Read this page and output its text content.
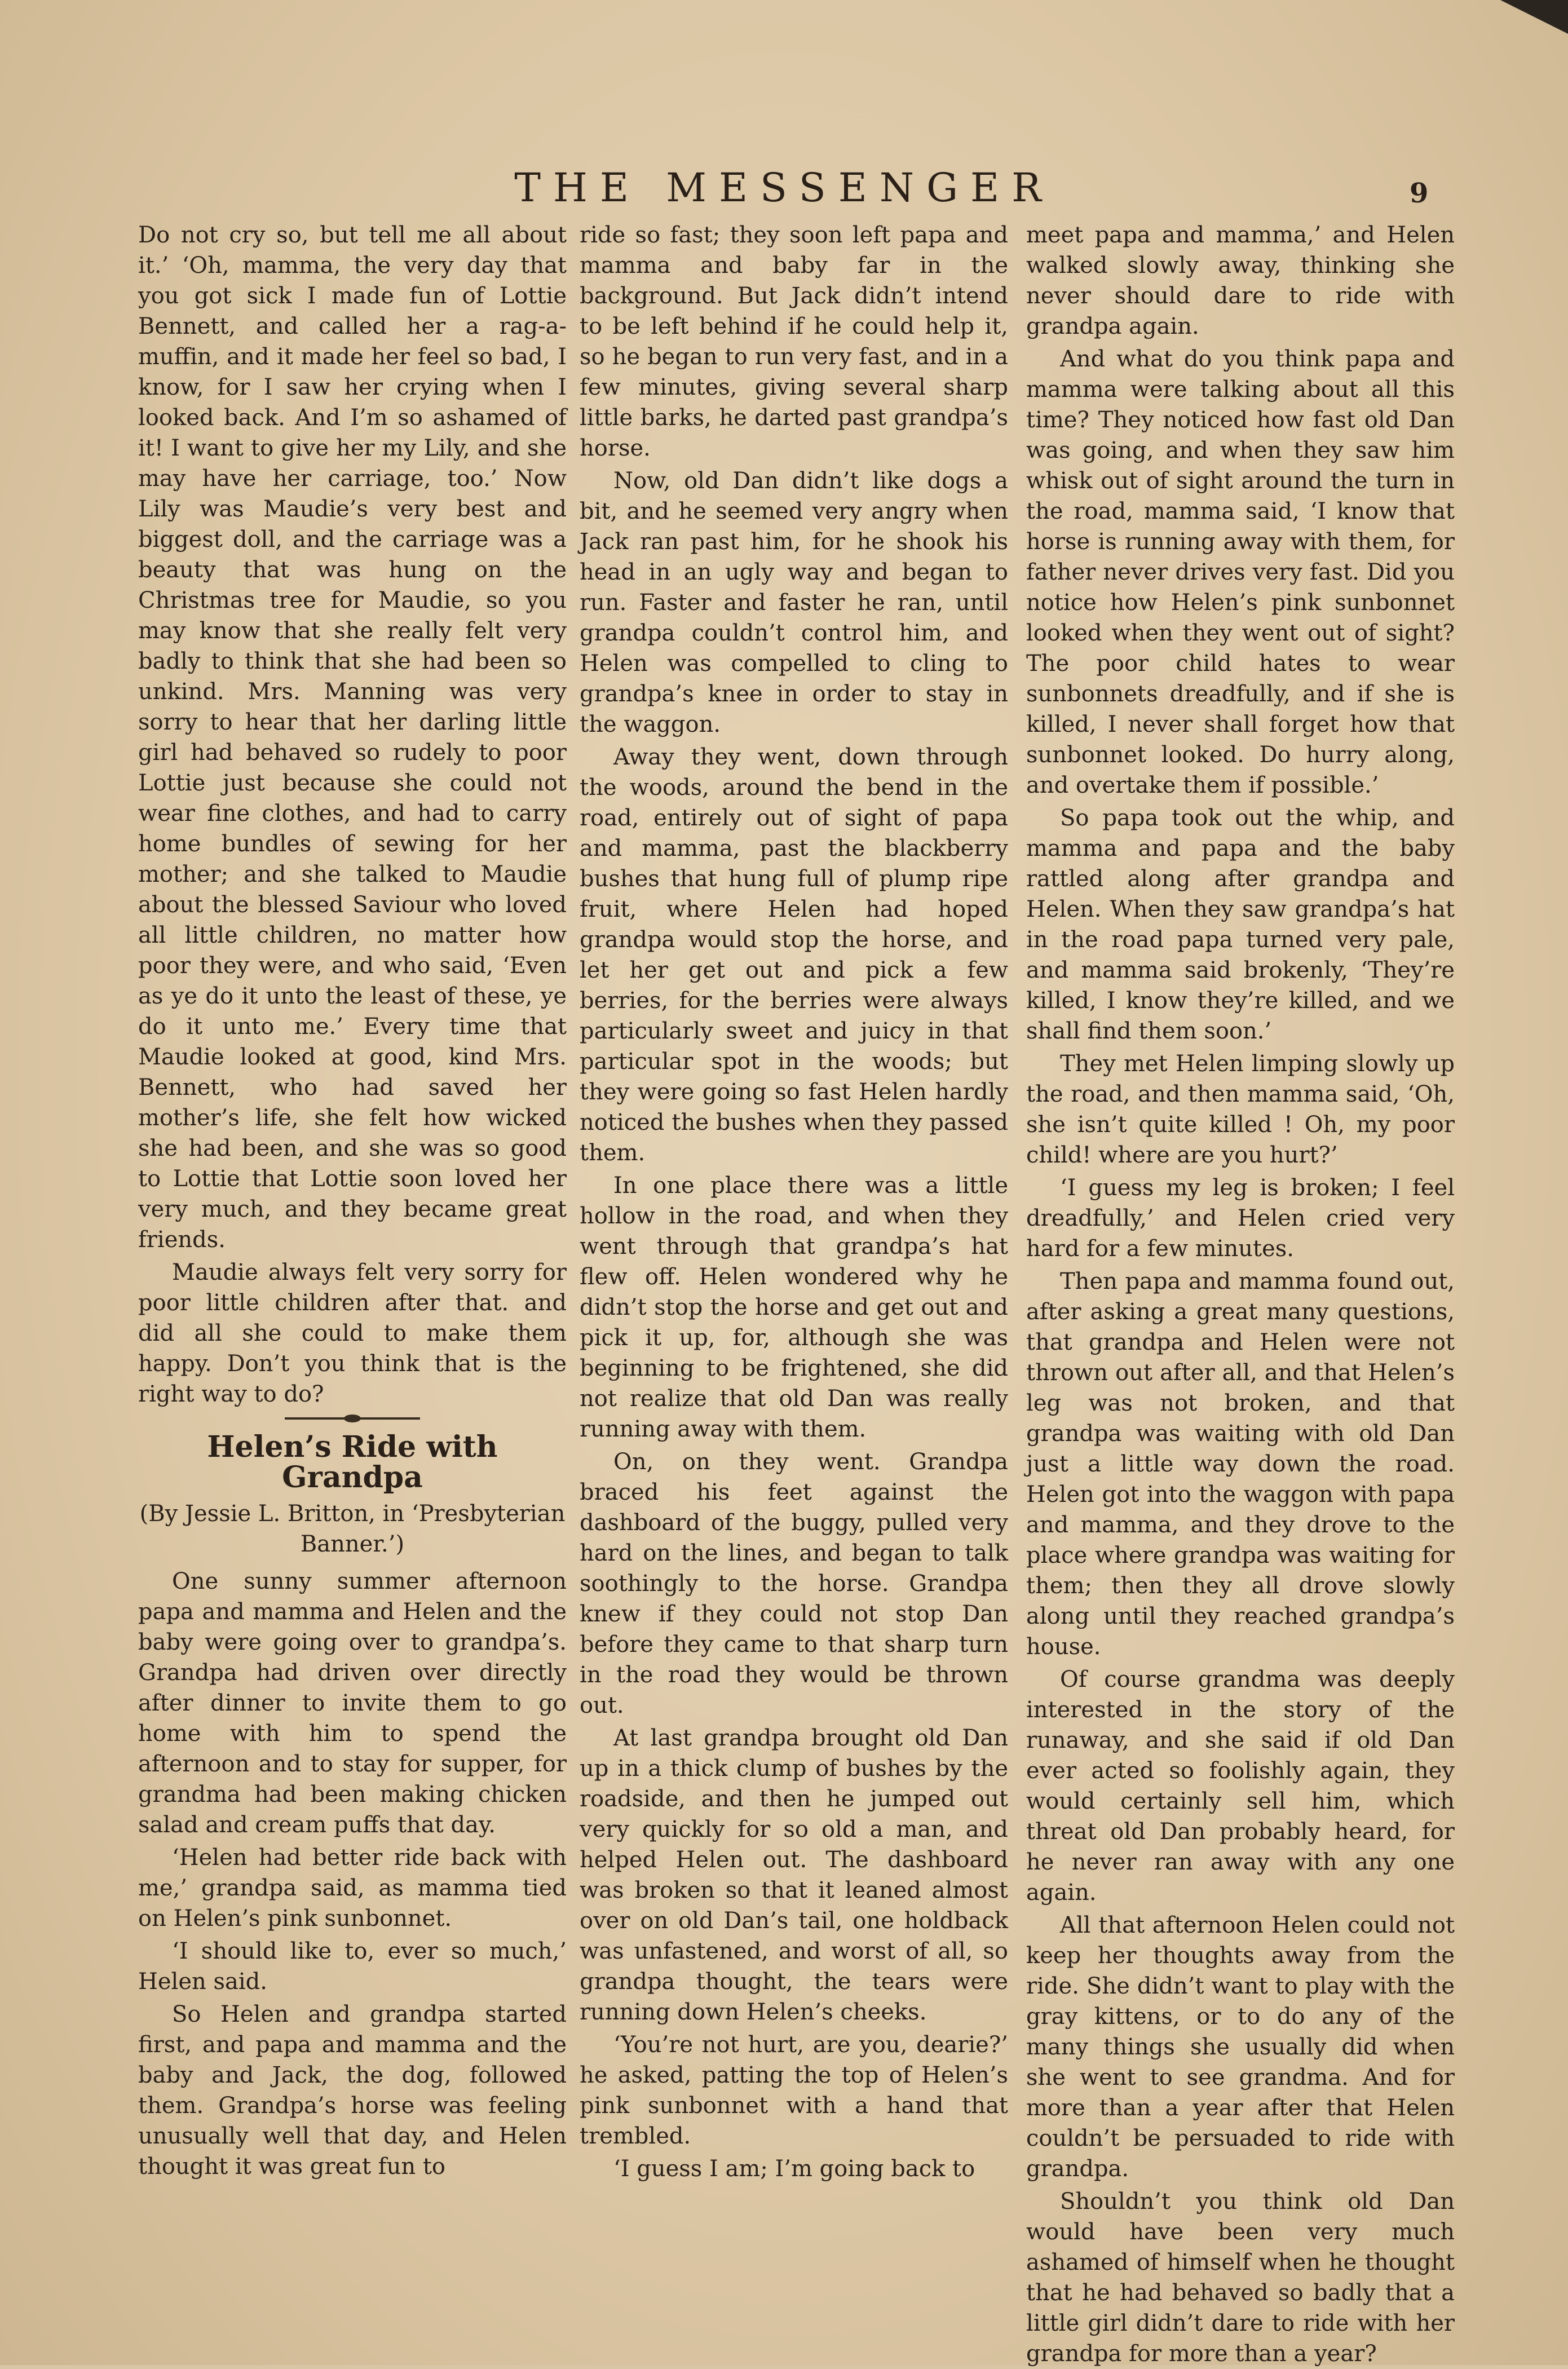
THE MESSENGER	9

Do not cry so, but tell me all about it.’ ‘Oh, mamma, the very day that you got sick I made fun of Lottie Bennett, and called her a rag-a-muffin, and it made her feel so bad, I know, for I saw her crying when I looked back. And I’m so ashamed of it! I want to give her my Lily, and she may have her carriage, too.’ Now Lily was Maudie’s very best and biggest doll, and the carriage was a beauty that was hung on the Christmas tree for Maudie, so you may know that she really felt very badly to think that she had been so unkind. Mrs. Manning was very sorry to hear that her darling little girl had behaved so rudely to poor Lottie just because she could not wear fine clothes, and had to carry home bundles of sewing for her mother; and she talked to Maudie about the blessed Saviour who loved all little children, no matter how poor they were, and who said, ‘Even as ye do it unto the least of these, ye do it unto me.’ Every time that Maudie looked at good, kind Mrs. Bennett, who had saved her mother’s life, she felt how wicked she had been, and she was so good to Lottie that Lottie soon loved her very much, and they became great friends.

Maudie always felt very sorry for poor little children after that. and did all she could to make them happy. Don’t you think that is the right way to do?

Helen’s Ride with Grandpa
(By Jessie L. Britton, in ‘Presbyterian Banner.’)

One sunny summer afternoon papa and mamma and Helen and the baby were going over to grandpa’s. Grandpa had driven over directly after dinner to invite them to go home with him to spend the afternoon and to stay for supper, for grandma had been making chicken salad and cream puffs that day.

‘Helen had better ride back with me,’ grandpa said, as mamma tied on Helen’s pink sunbonnet.

‘I should like to, ever so much,’ Helen said.

So Helen and grandpa started first, and papa and mamma and the baby and Jack, the dog, followed them. Grandpa’s horse was feeling unusually well that day, and Helen thought it was great fun to

ride so fast; they soon left papa and mamma and baby far in the background. But Jack didn’t intend to be left behind if he could help it, so he began to run very fast, and in a few minutes, giving several sharp little barks, he darted past grandpa’s horse.

Now, old Dan didn’t like dogs a bit, and he seemed very angry when Jack ran past him, for he shook his head in an ugly way and began to run. Faster and faster he ran, until grandpa couldn’t control him, and Helen was compelled to cling to grandpa’s knee in order to stay in the waggon.

Away they went, down through the woods, around the bend in the road, entirely out of sight of papa and mamma, past the blackberry bushes that hung full of plump ripe fruit, where Helen had hoped grandpa would stop the horse, and let her get out and pick a few berries, for the berries were always particularly sweet and juicy in that particular spot in the woods; but they were going so fast Helen hardly noticed the bushes when they passed them.

In one place there was a little hollow in the road, and when they went through that grandpa’s hat flew off. Helen wondered why he didn’t stop the horse and get out and pick it up, for, although she was beginning to be frightened, she did not realize that old Dan was really running away with them.

On, on they went. Grandpa braced his feet against the dashboard of the buggy, pulled very hard on the lines, and began to talk soothingly to the horse. Grandpa knew if they could not stop Dan before they came to that sharp turn in the road they would be thrown out.

At last grandpa brought old Dan up in a thick clump of bushes by the roadside, and then he jumped out very quickly for so old a man, and helped Helen out. The dashboard was broken so that it leaned almost over on old Dan’s tail, one holdback was unfastened, and worst of all, so grandpa thought, the tears were running down Helen’s cheeks.

‘You’re not hurt, are you, dearie?’ he asked, patting the top of Helen’s pink sunbonnet with a hand that trembled.

‘I guess I am; I’m going back to

meet papa and mamma,’ and Helen walked slowly away, thinking she never should dare to ride with grandpa again.

And what do you think papa and mamma were talking about all this time? They noticed how fast old Dan was going, and when they saw him whisk out of sight around the turn in the road, mamma said, ‘I know that horse is running away with them, for father never drives very fast. Did you notice how Helen’s pink sunbonnet looked when they went out of sight? The poor child hates to wear sunbonnets dreadfully, and if she is killed, I never shall forget how that sunbonnet looked. Do hurry along, and overtake them if possible.’

So papa took out the whip, and mamma and papa and the baby rattled along after grandpa and Helen. When they saw grandpa’s hat in the road papa turned very pale, and mamma said brokenly, ‘They’re killed, I know they’re killed, and we shall find them soon.’

They met Helen limping slowly up the road, and then mamma said, ‘Oh, she isn’t quite killed ! Oh, my poor child! where are you hurt?’

‘I guess my leg is broken; I feel dreadfully,’ and Helen cried very hard for a few minutes.

Then papa and mamma found out, after asking a great many questions, that grandpa and Helen were not thrown out after all, and that Helen’s leg was not broken, and that grandpa was waiting with old Dan just a little way down the road. Helen got into the waggon with papa and mamma, and they drove to the place where grandpa was waiting for them; then they all drove slowly along until they reached grandpa’s house.

Of course grandma was deeply interested in the story of the runaway, and she said if old Dan ever acted so foolishly again, they would certainly sell him, which threat old Dan probably heard, for he never ran away with any one again.

All that afternoon Helen could not keep her thoughts away from the ride. She didn’t want to play with the gray kittens, or to do any of the many things she usually did when she went to see grandma. And for more than a year after that Helen couldn’t be persuaded to ride with grandpa.

Shouldn’t you think old Dan would have been very much ashamed of himself when he thought that he had behaved so badly that a little girl didn’t dare to ride with her grandpa for more than a year?
